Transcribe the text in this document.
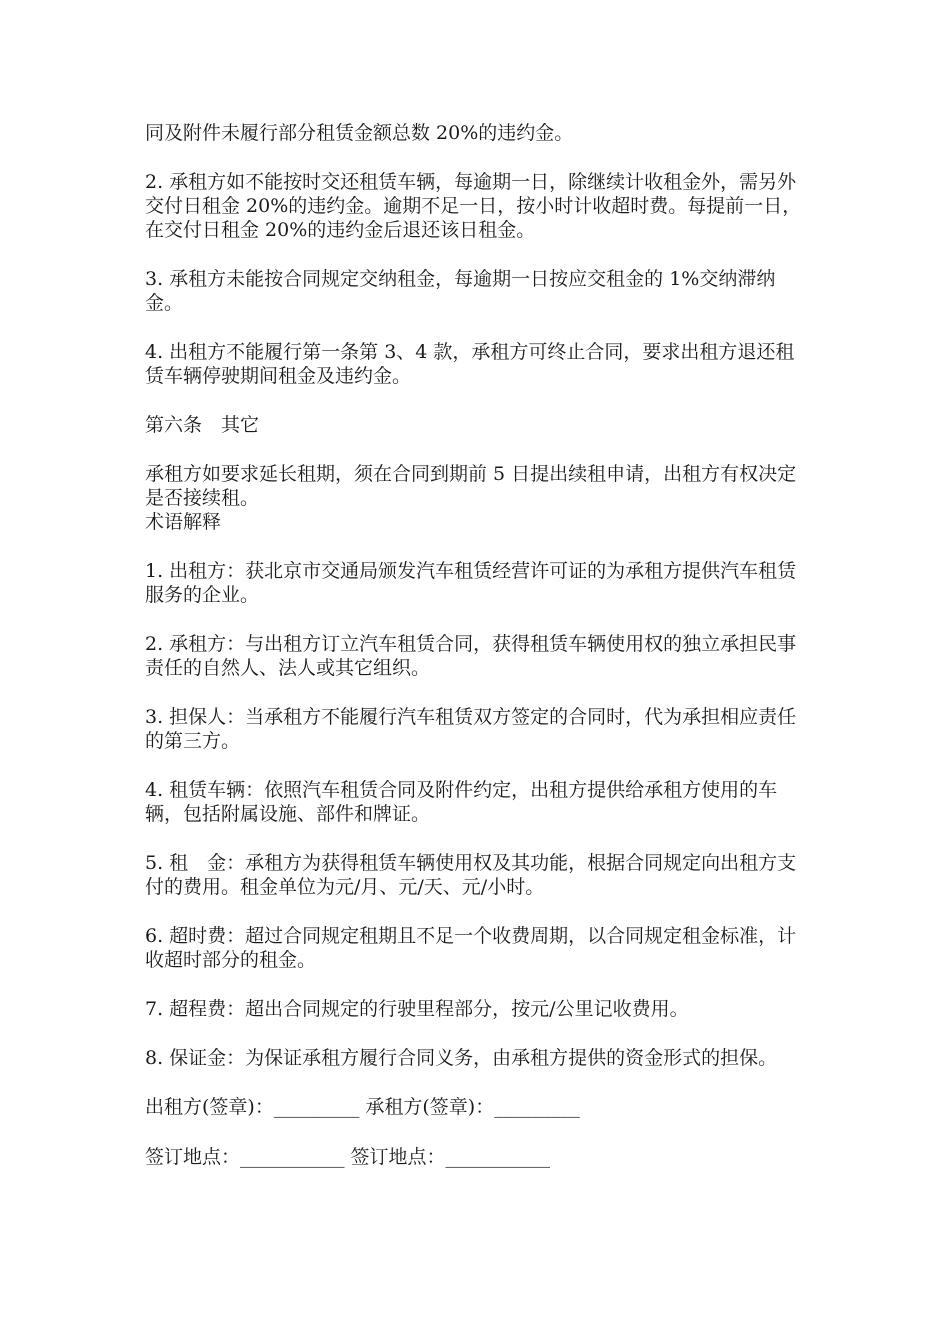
同及附件未履行部分租赁金额总数 20%的违约金。

2. 承租方如不能按时交还租赁车辆，每逾期一日，除继续计收租金外，需另外交付日租金 20%的违约金。逾期不足一日，按小时计收超时费。每提前一日，在交付日租金 20%的违约金后退还该日租金。

3. 承租方未能按合同规定交纳租金，每逾期一日按应交租金的 1%交纳滞纳金。

4. 出租方不能履行第一条第 3、4 款，承租方可终止合同，要求出租方退还租赁车辆停驶期间租金及违约金。

第六条　其它

承租方如要求延长租期，须在合同到期前 5 日提出续租申请，出租方有权决定是否接续租。

术语解释

1. 出租方：获北京市交通局颁发汽车租赁经营许可证的为承租方提供汽车租赁服务的企业。

2. 承租方：与出租方订立汽车租赁合同，获得租赁车辆使用权的独立承担民事责任的自然人、法人或其它组织。

3. 担保人：当承租方不能履行汽车租赁双方签定的合同时，代为承担相应责任的第三方。

4. 租赁车辆：依照汽车租赁合同及附件约定，出租方提供给承租方使用的车辆，包括附属设施、部件和牌证。

5. 租　金：承租方为获得租赁车辆使用权及其功能，根据合同规定向出租方支付的费用。租金单位为元/月、元/天、元/小时。

6. 超时费：超过合同规定租期且不足一个收费周期，以合同规定租金标准，计收超时部分的租金。

7. 超程费：超出合同规定的行驶里程部分，按元/公里记收费用。

8. 保证金：为保证承租方履行合同义务，由承租方提供的资金形式的担保。

出租方(签章)：_________ 承租方(签章)：_________

签订地点：___________ 签订地点：___________
